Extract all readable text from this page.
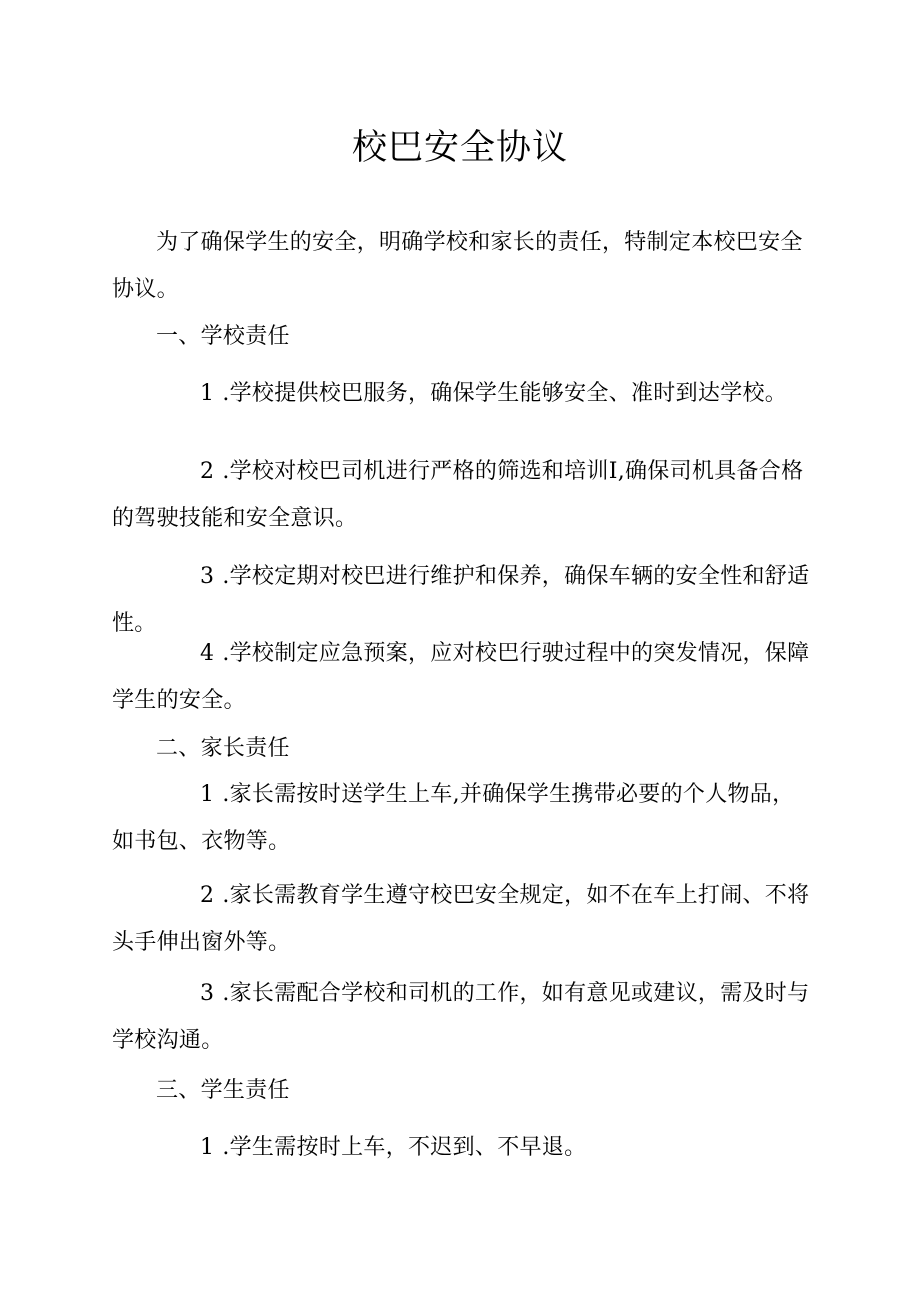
校巴安全协议

为了确保学生的安全，明确学校和家长的责任，特制定本校巴安全协议。

一、学校责任

1 .学校提供校巴服务，确保学生能够安全、准时到达学校。

2 .学校对校巴司机进行严格的筛选和培训I,确保司机具备合格的驾驶技能和安全意识。

3 .学校定期对校巴进行维护和保养，确保车辆的安全性和舒适性。

4 .学校制定应急预案，应对校巴行驶过程中的突发情况，保障学生的安全。

二、家长责任

1 .家长需按时送学生上车,并确保学生携带必要的个人物品，如书包、衣物等。

2 .家长需教育学生遵守校巴安全规定，如不在车上打闹、不将头手伸出窗外等。

3 .家长需配合学校和司机的工作，如有意见或建议，需及时与学校沟通。

三、学生责任

1 .学生需按时上车，不迟到、不早退。
